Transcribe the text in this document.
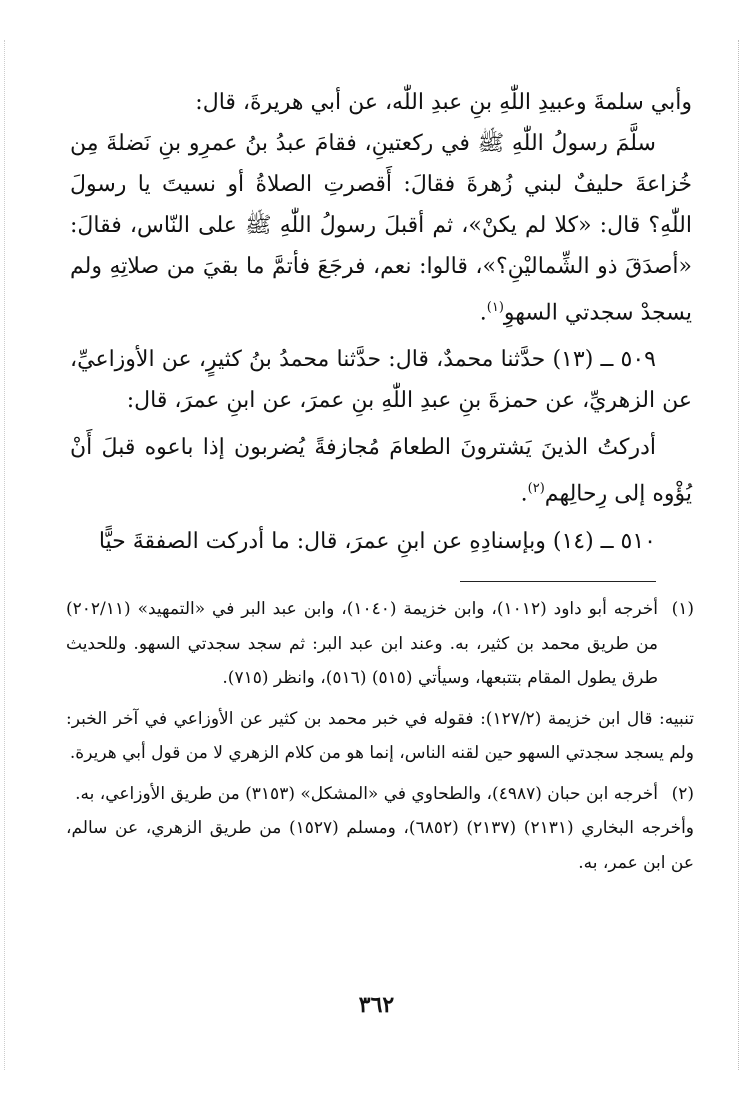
وأبي سلمةَ وعبيدِ اللّٰهِ بنِ عبدِ اللّٰه، عن أبي هريرةَ، قال:

سلَّمَ رسولُ اللّٰهِ ﷺ في ركعتينِ، فقامَ عبدُ بنُ عمرِو بنِ نَضلةَ مِن خُزاعةَ حليفٌ لبني زُهرةَ فقالَ: أَقصرتِ الصلاةُ أو نسيتَ يا رسولَ اللّٰهِ؟ قال: «كلا لم يكنْ»، ثم أقبلَ رسولُ اللّٰهِ ﷺ على النّاس، فقالَ: «أصدَقَ ذو الشِّماليْنِ؟»، قالوا: نعم، فرجَعَ فأتمَّ ما بقيَ من صلاتِهِ ولم يسجدْ سجدتي السهوِ$^{(١)}$.

٥٠٩ ــ (١٣) حدَّثنا محمدٌ، قال: حدَّثنا محمدُ بنُ كثيرٍ، عن الأوزاعيِّ، عن الزهريِّ، عن حمزةَ بنِ عبدِ اللّٰهِ بنِ عمرَ، عن ابنِ عمرَ، قال:

أدركتُ الذينَ يَشترونَ الطعامَ مُجازفةً يُضربون إذا باعوه قبلَ أَنْ يُؤْوه إلى رِحالِهم$^{(٢)}$.

٥١٠ ــ (١٤) وبإسنادِهِ عن ابنِ عمرَ، قال: ما أدركت الصفقةَ حيًّا

(١)
أخرجه أبو داود (١٠١٢)، وابن خزيمة (١٠٤٠)، وابن عبد البر في «التمهيد» (٢٠٢/١١) من طريق محمد بن كثير، به. وعند ابن عبد البر: ثم سجد سجدتي السهو. وللحديث طرق يطول المقام بتتبعها، وسيأتي (٥١٥) (٥١٦)، وانظر (٧١٥).
تنبيه: قال ابن خزيمة (١٢٧/٢): فقوله في خبر محمد بن كثير عن الأوزاعي في آخر الخبر: ولم يسجد سجدتي السهو حين لقنه الناس، إنما هو من كلام الزهري لا من قول أبي هريرة.
(٢)
أخرجه ابن حبان (٤٩٨٧)، والطحاوي في «المشكل» (٣١٥٣) من طريق الأوزاعي، به.
وأخرجه البخاري (٢١٣١) (٢١٣٧) (٦٨٥٢)، ومسلم (١٥٢٧) من طريق الزهري، عن سالم، عن ابن عمر، به.
٣٦٢
